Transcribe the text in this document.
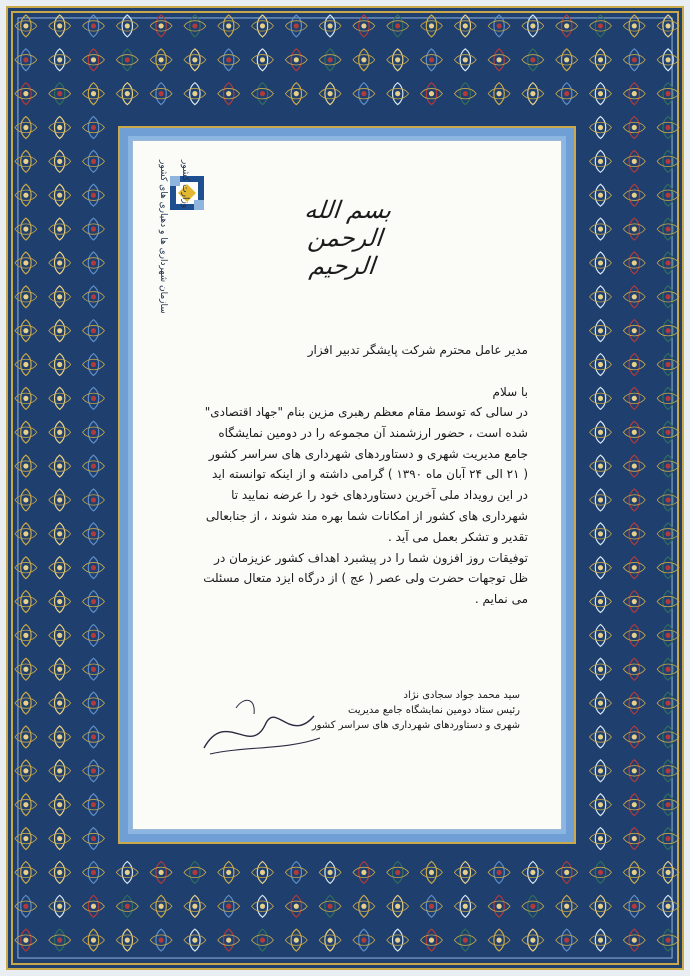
وزارت کشور
سازمان شهرداری ها و دهیاری های کشور	بسم الله الرحمن الرحیم

مدیر عامل محترم شرکت پایشگر تدبیر افزار

با سلام

در سالی که توسط مقام معظم رهبری مزین بنام "جهاد اقتصادی"

شده است ، حضور ارزشمند آن مجموعه را در دومین نمایشگاه

جامع مدیریت شهری و دستاوردهای شهرداری های سراسر کشور

( ۲۱ الی ۲۴ آبان ماه ۱۳۹۰ ) گرامی داشته و از اینکه توانسته اید

در این رویداد ملی آخرین دستاوردهای خود را عرضه نمایید تا

شهرداری های کشور از امکانات شما بهره مند شوند ، از جنابعالی

تقدیر و تشکر بعمل می آید .

توفیقات روز افزون شما را در پیشبرد اهداف کشور عزیزمان در

ظل توجهات حضرت ولی عصر ( عج ) از درگاه ایزد متعال مسئلت

می نمایم .

سید محمد جواد سجادی نژاد

رئیس ستاد دومین نمایشگاه جامع مدیریت

شهری و دستاوردهای شهرداری های سراسر کشور
